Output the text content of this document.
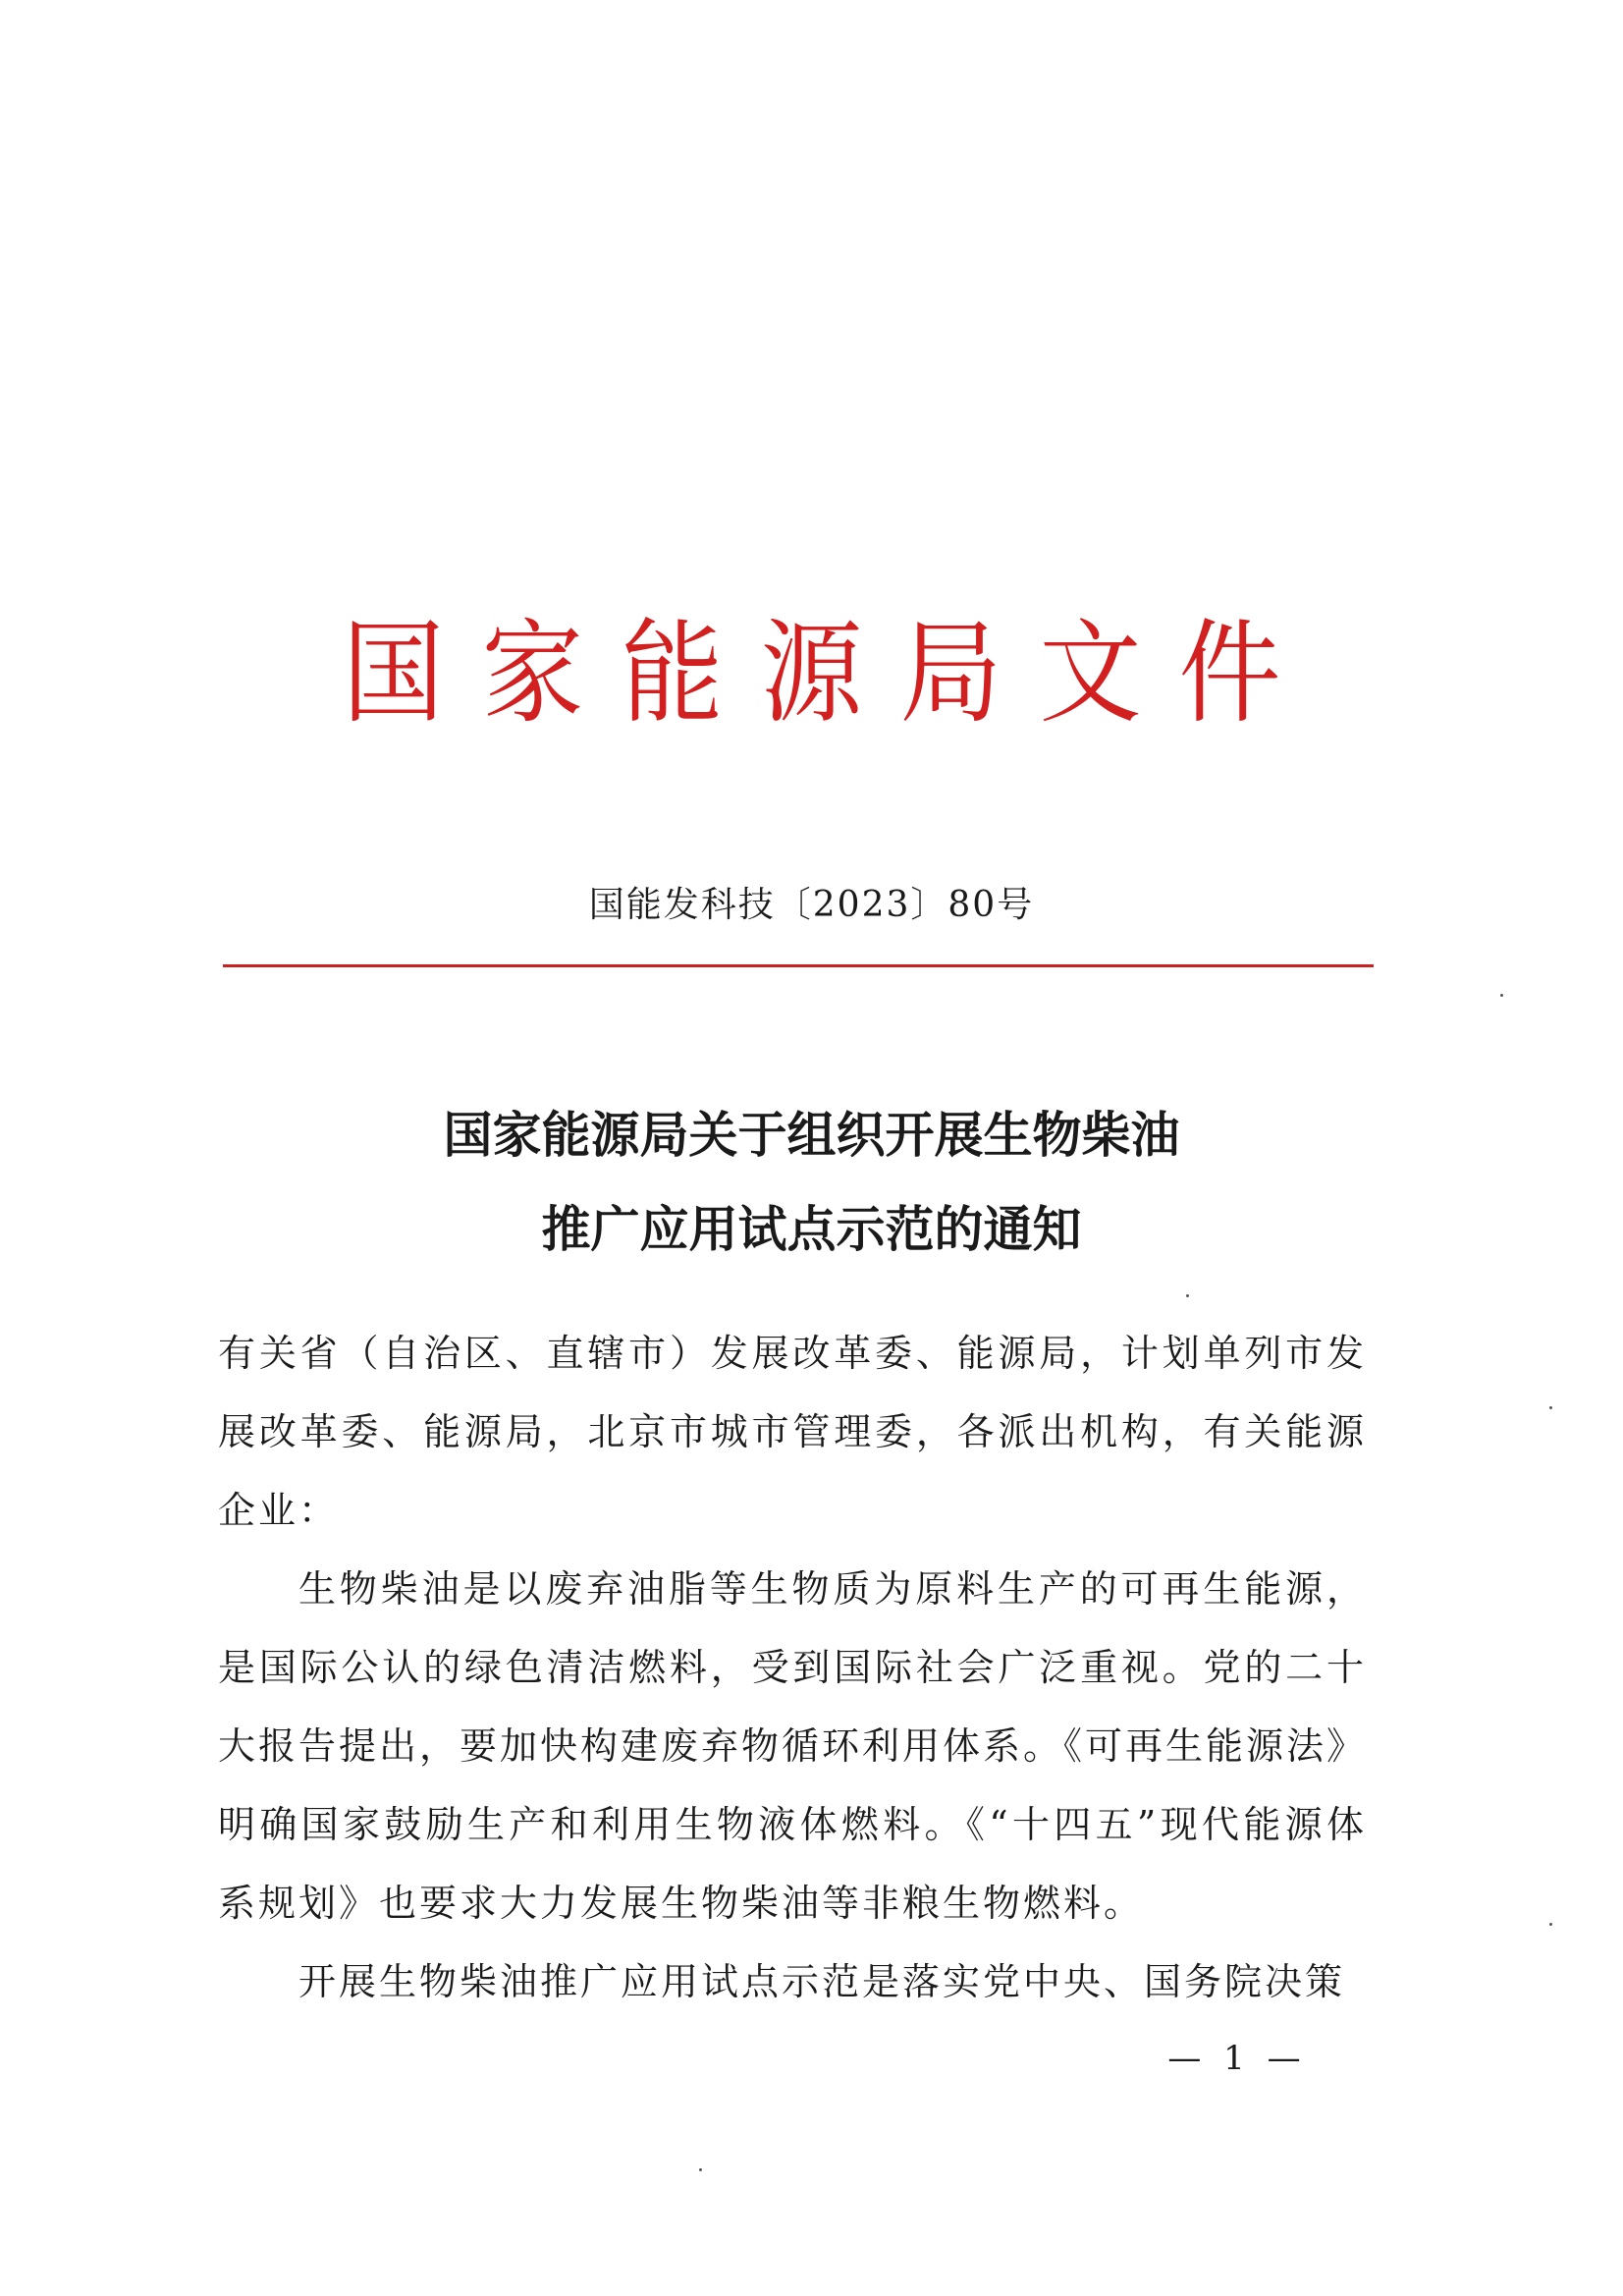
国家能源局文件
国能发科技〔2023〕80号
国家能源局关于组织开展生物柴油
推广应用试点示范的通知

有关省（自治区、直辖市）发展改革委、能源局，计划单列市发展改革委、能源局，北京市城市管理委，各派出机构，有关能源企业：

生物柴油是以废弃油脂等生物质为原料生产的可再生能源，是国际公认的绿色清洁燃料，受到国际社会广泛重视。党的二十大报告提出，要加快构建废弃物循环利用体系。《可再生能源法》明确国家鼓励生产和利用生物液体燃料。《“十四五”现代能源体系规划》也要求大力发展生物柴油等非粮生物燃料。

开展生物柴油推广应用试点示范是落实党中央、国务院决策

— 1 —
